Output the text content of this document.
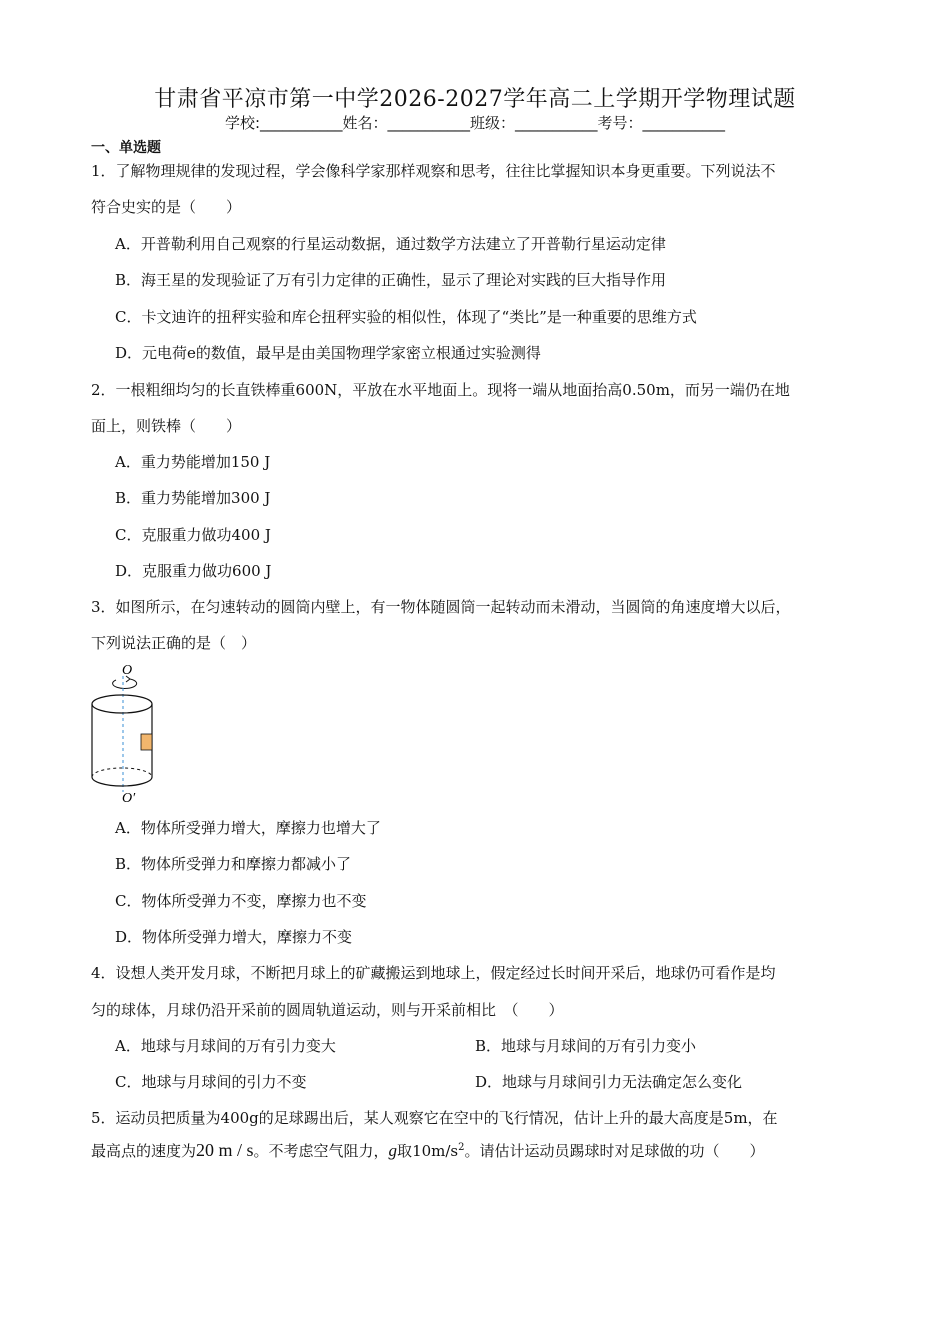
甘肃省平凉市第一中学2026-2027学年高二上学期开学物理试题
学校:___________姓名：___________班级：___________考号：___________
一、单选题
1．了解物理规律的发现过程，学会像科学家那样观察和思考，往往比掌握知识本身更重要。下列说法不
符合史实的是（　　）
A．开普勒利用自己观察的行星运动数据，通过数学方法建立了开普勒行星运动定律
B．海王星的发现验证了万有引力定律的正确性，显示了理论对实践的巨大指导作用
C．卡文迪许的扭秤实验和库仑扭秤实验的相似性，体现了“类比”是一种重要的思维方式
D．元电荷e的数值，最早是由美国物理学家密立根通过实验测得
2．一根粗细均匀的长直铁棒重600N，平放在水平地面上。现将一端从地面抬高0.50m，而另一端仍在地
面上，则铁棒（　　）
A．重力势能增加150 J
B．重力势能增加300 J
C．克服重力做功400 J
D．克服重力做功600 J
3．如图所示，在匀速转动的圆筒内壁上，有一物体随圆筒一起转动而未滑动，当圆筒的角速度增大以后，
下列说法正确的是（　）
O
O′
A．物体所受弹力增大，摩擦力也增大了
B．物体所受弹力和摩擦力都减小了
C．物体所受弹力不变，摩擦力也不变
D．物体所受弹力增大，摩擦力不变
4．设想人类开发月球，不断把月球上的矿藏搬运到地球上，假定经过长时间开采后，地球仍可看作是均
匀的球体，月球仍沿开采前的圆周轨道运动，则与开采前相比　（　　）
A．地球与月球间的万有引力变大	B．地球与月球间的万有引力变小
C．地球与月球间的引力不变	D．地球与月球间引力无法确定怎么变化
5．运动员把质量为400g的足球踢出后，某人观察它在空中的飞行情况，估计上升的最大高度是5m，在
最高点的速度为20 m / s。不考虑空气阻力，g取$10m/s^2$。请估计运动员踢球时对足球做的功（　　）
